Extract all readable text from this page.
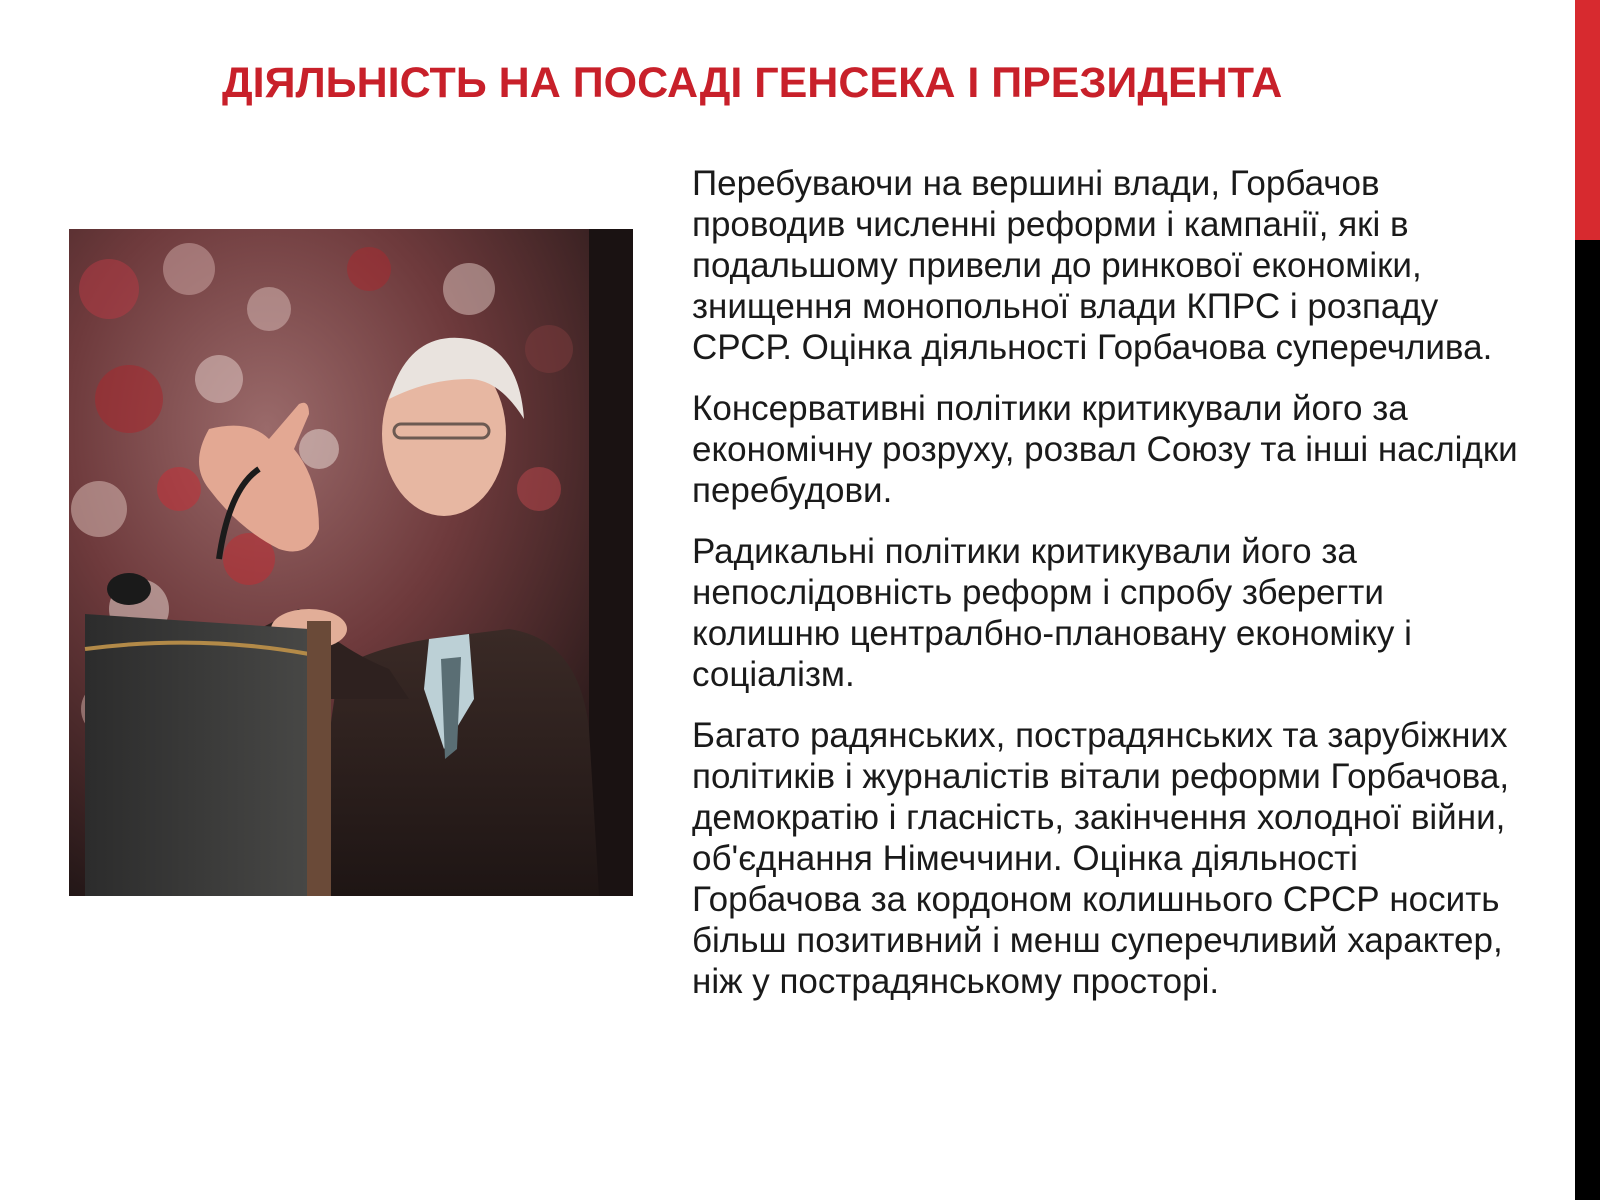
ДІЯЛЬНІСТЬ НА ПОСАДІ ГЕНСЕКА І ПРЕЗИДЕНТА

Перебуваючи на вершині влади, Горбачов проводив численні реформи і кампанії, які в подальшому привели до ринкової економіки, знищення монопольної влади КПРС і розпаду СРСР. Оцінка діяльності Горбачова суперечлива.

Консервативні політики критикували його за економічну розруху, розвал Союзу та інші наслідки перебудови.

Радикальні політики критикували його за непослідовність реформ і спробу зберегти колишню централбно-плановану економіку і соціалізм.

Багато радянських, пострадянських та зарубіжних політиків і журналістів вітали реформи Горбачова, демократію і гласність, закінчення холодної війни, об'єднання Німеччини. Оцінка діяльності Горбачова за кордоном колишнього СРСР носить більш позитивний і менш суперечливий характер, ніж у пострадянському просторі.
